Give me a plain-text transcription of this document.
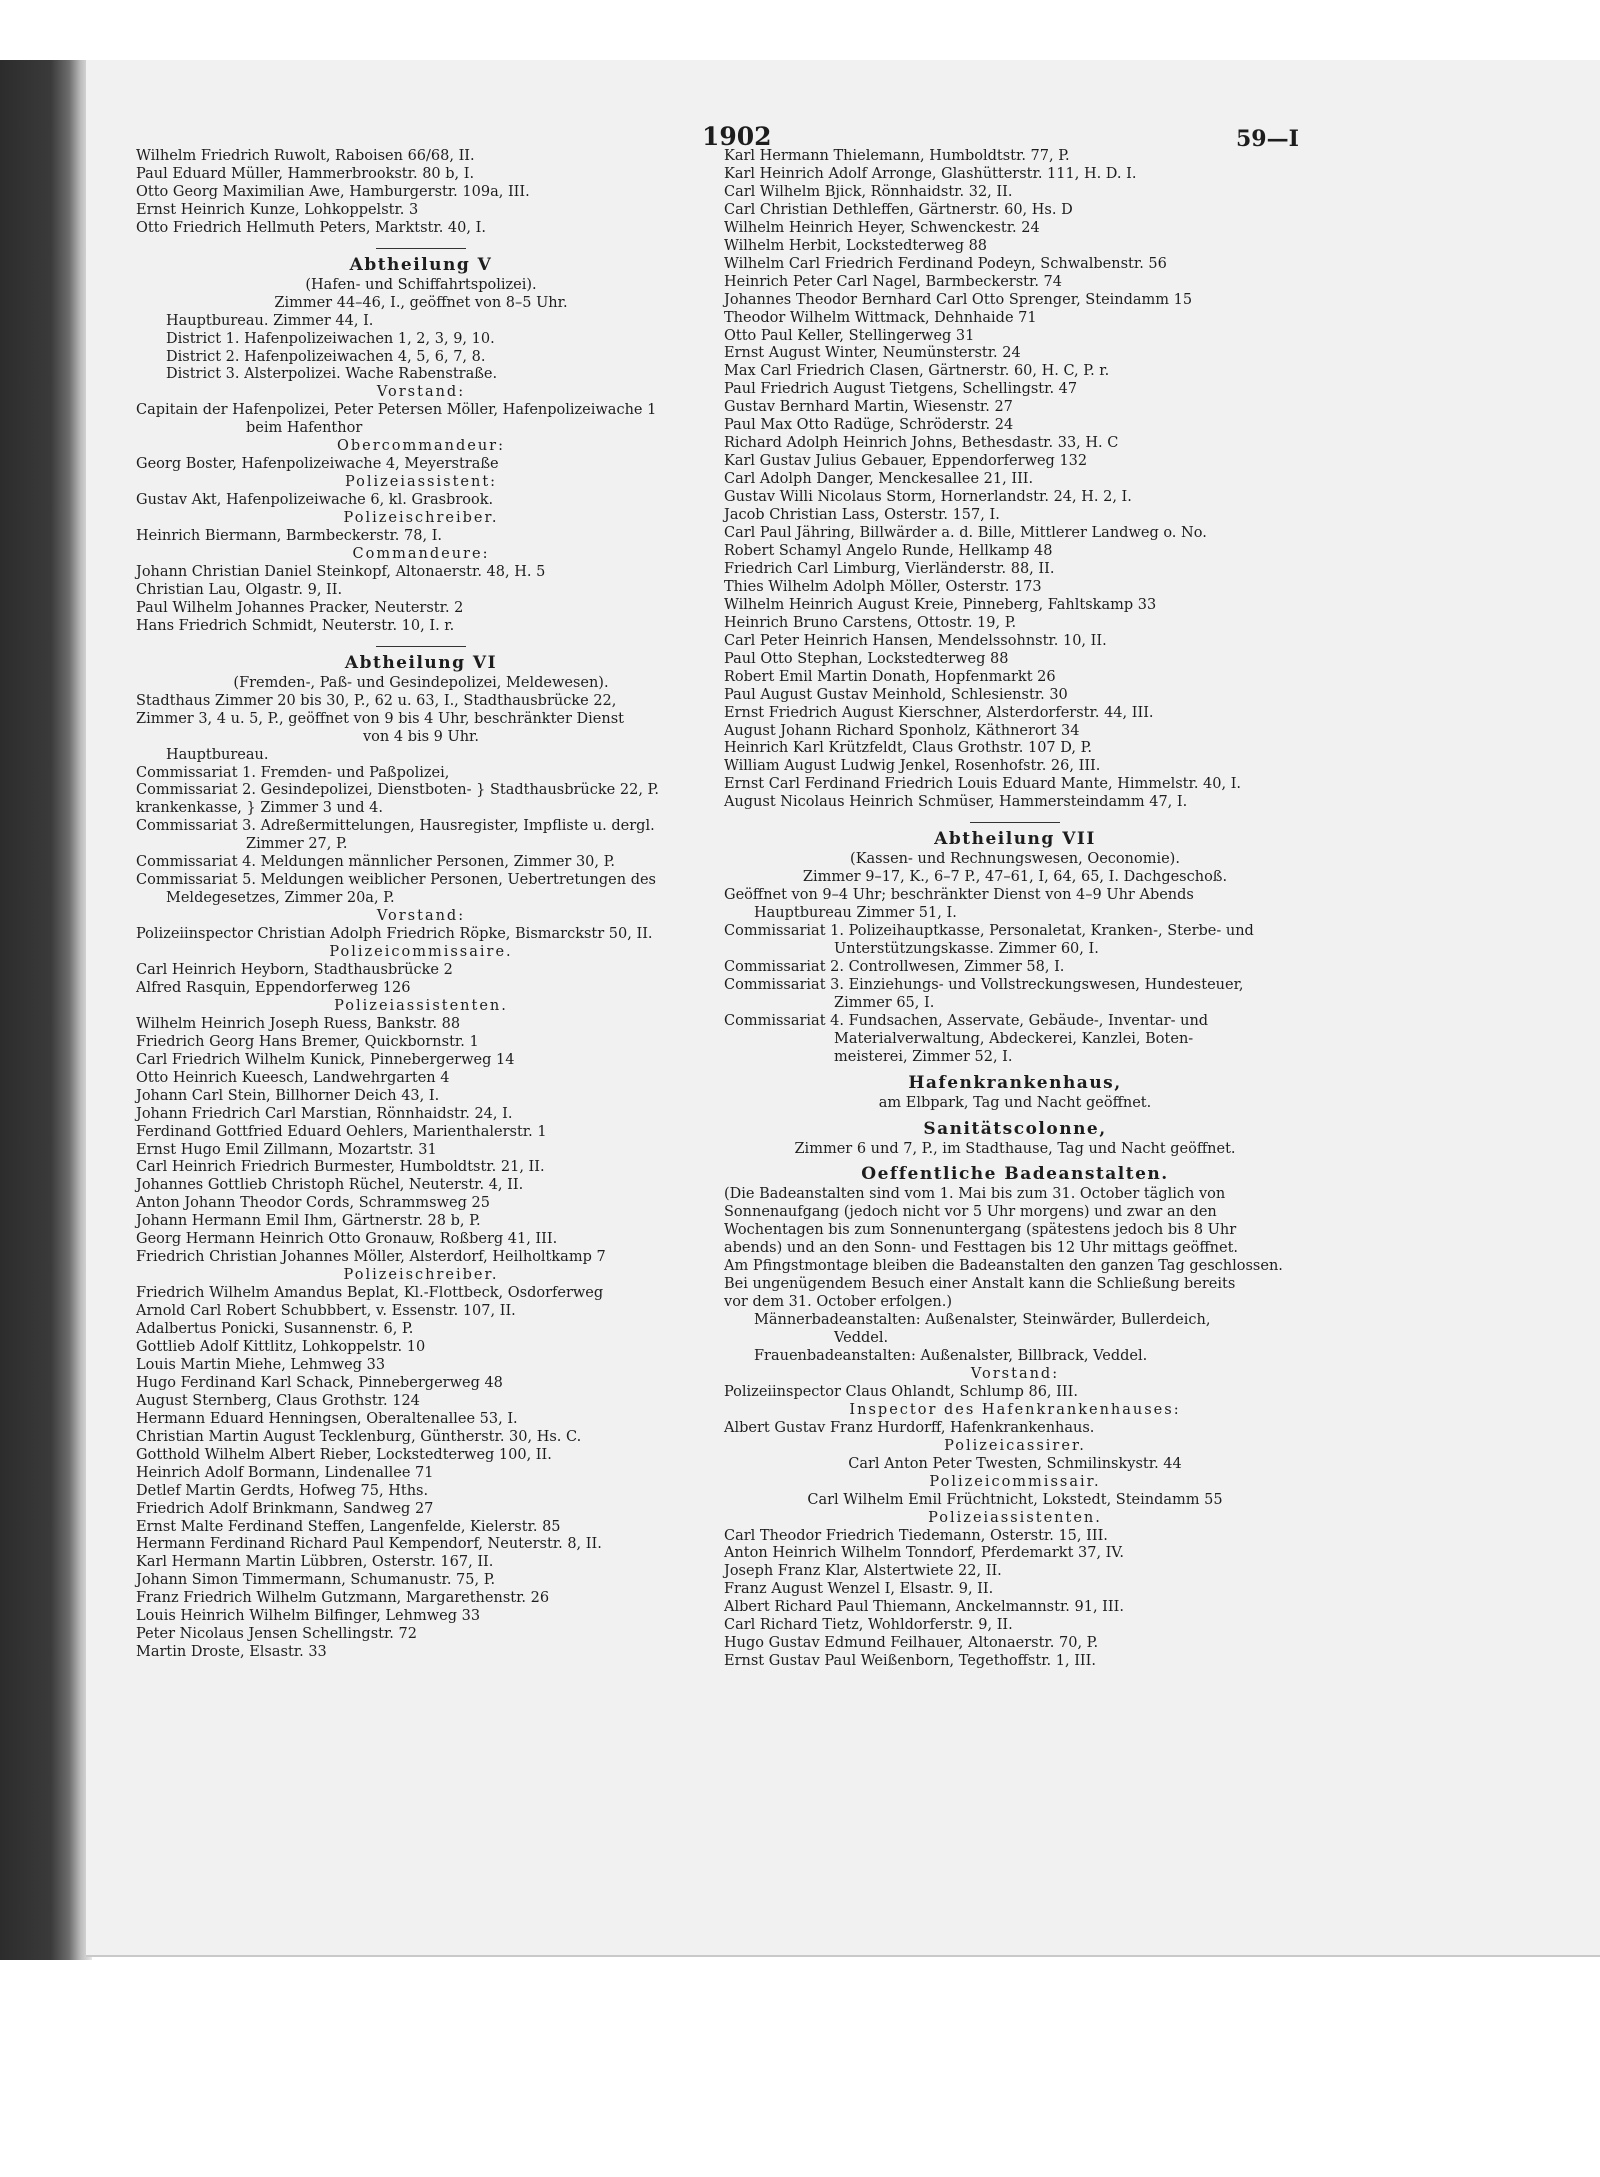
1902	59—I
Wilhelm Friedrich Ruwolt, Raboisen 66/68, II.
Paul Eduard Müller, Hammerbrookstr. 80 b, I.
Otto Georg Maximilian Awe, Hamburgerstr. 109a, III.
Ernst Heinrich Kunze, Lohkoppelstr. 3
Otto Friedrich Hellmuth Peters, Marktstr. 40, I.
Abtheilung V
(Hafen- und Schiffahrtspolizei).
Zimmer 44–46, I., geöffnet von 8–5 Uhr.
Hauptbureau. Zimmer 44, I.
District 1. Hafenpolizeiwachen 1, 2, 3, 9, 10.
District 2. Hafenpolizeiwachen 4, 5, 6, 7, 8.
District 3. Alsterpolizei. Wache Rabenstraße.
Vorstand:
Capitain der Hafenpolizei, Peter Petersen Möller, Hafenpolizeiwache 1
beim Hafenthor
Obercommandeur:
Georg Boster, Hafenpolizeiwache 4, Meyerstraße
Polizeiassistent:
Gustav Akt, Hafenpolizeiwache 6, kl. Grasbrook.
Polizeischreiber.
Heinrich Biermann, Barmbeckerstr. 78, I.
Commandeure:
Johann Christian Daniel Steinkopf, Altonaerstr. 48, H. 5
Christian Lau, Olgastr. 9, II.
Paul Wilhelm Johannes Pracker, Neuterstr. 2
Hans Friedrich Schmidt, Neuterstr. 10, I. r.
Abtheilung VI
(Fremden-, Paß- und Gesindepolizei, Meldewesen).
Stadthaus Zimmer 20 bis 30, P., 62 u. 63, I., Stadthausbrücke 22,
Zimmer 3, 4 u. 5, P., geöffnet von 9 bis 4 Uhr, beschränkter Dienst
von 4 bis 9 Uhr.
Hauptbureau.
Commissariat 1. Fremden- und Paßpolizei,
Commissariat 2. Gesindepolizei, Dienstboten- } Stadthausbrücke 22, P.
krankenkasse, } Zimmer 3 und 4.
Commissariat 3. Adreßermittelungen, Hausregister, Impfliste u. dergl.
Zimmer 27, P.
Commissariat 4. Meldungen männlicher Personen, Zimmer 30, P.
Commissariat 5. Meldungen weiblicher Personen, Uebertretungen des
Meldegesetzes, Zimmer 20a, P.
Vorstand:
Polizeiinspector Christian Adolph Friedrich Röpke, Bismarckstr 50, II.
Polizeicommissaire.
Carl Heinrich Heyborn, Stadthausbrücke 2
Alfred Rasquin, Eppendorferweg 126
Polizeiassistenten.
Wilhelm Heinrich Joseph Ruess, Bankstr. 88
Friedrich Georg Hans Bremer, Quickbornstr. 1
Carl Friedrich Wilhelm Kunick, Pinnebergerweg 14
Otto Heinrich Kueesch, Landwehrgarten 4
Johann Carl Stein, Billhorner Deich 43, I.
Johann Friedrich Carl Marstian, Rönnhaidstr. 24, I.
Ferdinand Gottfried Eduard Oehlers, Marienthalerstr. 1
Ernst Hugo Emil Zillmann, Mozartstr. 31
Carl Heinrich Friedrich Burmester, Humboldtstr. 21, II.
Johannes Gottlieb Christoph Rüchel, Neuterstr. 4, II.
Anton Johann Theodor Cords, Schrammsweg 25
Johann Hermann Emil Ihm, Gärtnerstr. 28 b, P.
Georg Hermann Heinrich Otto Gronauw, Roßberg 41, III.
Friedrich Christian Johannes Möller, Alsterdorf, Heilholtkamp 7
Polizeischreiber.
Friedrich Wilhelm Amandus Beplat, Kl.-Flottbeck, Osdorferweg
Arnold Carl Robert Schubbbert, v. Essenstr. 107, II.
Adalbertus Ponicki, Susannenstr. 6, P.
Gottlieb Adolf Kittlitz, Lohkoppelstr. 10
Louis Martin Miehe, Lehmweg 33
Hugo Ferdinand Karl Schack, Pinnebergerweg 48
August Sternberg, Claus Grothstr. 124
Hermann Eduard Henningsen, Oberaltenallee 53, I.
Christian Martin August Tecklenburg, Güntherstr. 30, Hs. C.
Gotthold Wilhelm Albert Rieber, Lockstedterweg 100, II.
Heinrich Adolf Bormann, Lindenallee 71
Detlef Martin Gerdts, Hofweg 75, Hths.
Friedrich Adolf Brinkmann, Sandweg 27
Ernst Malte Ferdinand Steffen, Langenfelde, Kielerstr. 85
Hermann Ferdinand Richard Paul Kempendorf, Neuterstr. 8, II.
Karl Hermann Martin Lübbren, Osterstr. 167, II.
Johann Simon Timmermann, Schumanustr. 75, P.
Franz Friedrich Wilhelm Gutzmann, Margarethenstr. 26
Louis Heinrich Wilhelm Bilfinger, Lehmweg 33
Peter Nicolaus Jensen Schellingstr. 72
Martin Droste, Elsastr. 33
Karl Hermann Thielemann, Humboldtstr. 77, P.
Karl Heinrich Adolf Arronge, Glashütterstr. 111, H. D. I.
Carl Wilhelm Bjick, Rönnhaidstr. 32, II.
Carl Christian Dethleffen, Gärtnerstr. 60, Hs. D
Wilhelm Heinrich Heyer, Schwenckestr. 24
Wilhelm Herbit, Lockstedterweg 88
Wilhelm Carl Friedrich Ferdinand Podeyn, Schwalbenstr. 56
Heinrich Peter Carl Nagel, Barmbeckerstr. 74
Johannes Theodor Bernhard Carl Otto Sprenger, Steindamm 15
Theodor Wilhelm Wittmack, Dehnhaide 71
Otto Paul Keller, Stellingerweg 31
Ernst August Winter, Neumünsterstr. 24
Max Carl Friedrich Clasen, Gärtnerstr. 60, H. C, P. r.
Paul Friedrich August Tietgens, Schellingstr. 47
Gustav Bernhard Martin, Wiesenstr. 27
Paul Max Otto Radüge, Schröderstr. 24
Richard Adolph Heinrich Johns, Bethesdastr. 33, H. C
Karl Gustav Julius Gebauer, Eppendorferweg 132
Carl Adolph Danger, Menckesallee 21, III.
Gustav Willi Nicolaus Storm, Hornerlandstr. 24, H. 2, I.
Jacob Christian Lass, Osterstr. 157, I.
Carl Paul Jähring, Billwärder a. d. Bille, Mittlerer Landweg o. No.
Robert Schamyl Angelo Runde, Hellkamp 48
Friedrich Carl Limburg, Vierländerstr. 88, II.
Thies Wilhelm Adolph Möller, Osterstr. 173
Wilhelm Heinrich August Kreie, Pinneberg, Fahltskamp 33
Heinrich Bruno Carstens, Ottostr. 19, P.
Carl Peter Heinrich Hansen, Mendelssohnstr. 10, II.
Paul Otto Stephan, Lockstedterweg 88
Robert Emil Martin Donath, Hopfenmarkt 26
Paul August Gustav Meinhold, Schlesienstr. 30
Ernst Friedrich August Kierschner, Alsterdorferstr. 44, III.
August Johann Richard Sponholz, Käthnerort 34
Heinrich Karl Krützfeldt, Claus Grothstr. 107 D, P.
William August Ludwig Jenkel, Rosenhofstr. 26, III.
Ernst Carl Ferdinand Friedrich Louis Eduard Mante, Himmelstr. 40, I.
August Nicolaus Heinrich Schmüser, Hammersteindamm 47, I.
Abtheilung VII
(Kassen- und Rechnungswesen, Oeconomie).
Zimmer 9–17, K., 6–7 P., 47–61, I, 64, 65, I. Dachgeschoß.
Geöffnet von 9–4 Uhr; beschränkter Dienst von 4–9 Uhr Abends
Hauptbureau Zimmer 51, I.
Commissariat 1. Polizeihauptkasse, Personaletat, Kranken-, Sterbe- und
Unterstützungskasse. Zimmer 60, I.
Commissariat 2. Controllwesen, Zimmer 58, I.
Commissariat 3. Einziehungs- und Vollstreckungswesen, Hundesteuer,
Zimmer 65, I.
Commissariat 4. Fundsachen, Asservate, Gebäude-, Inventar- und
Materialverwaltung, Abdeckerei, Kanzlei, Boten-
meisterei, Zimmer 52, I.
Hafenkrankenhaus,
am Elbpark, Tag und Nacht geöffnet.
Sanitätscolonne,
Zimmer 6 und 7, P., im Stadthause, Tag und Nacht geöffnet.
Oeffentliche Badeanstalten.
(Die Badeanstalten sind vom 1. Mai bis zum 31. October täglich von
Sonnenaufgang (jedoch nicht vor 5 Uhr morgens) und zwar an den
Wochentagen bis zum Sonnenuntergang (spätestens jedoch bis 8 Uhr
abends) und an den Sonn- und Festtagen bis 12 Uhr mittags geöffnet.
Am Pfingstmontage bleiben die Badeanstalten den ganzen Tag geschlossen.
Bei ungenügendem Besuch einer Anstalt kann die Schließung bereits
vor dem 31. October erfolgen.)
Männerbadeanstalten: Außenalster, Steinwärder, Bullerdeich,
Veddel.
Frauenbadeanstalten: Außenalster, Billbrack, Veddel.
Vorstand:
Polizeiinspector Claus Ohlandt, Schlump 86, III.
Inspector des Hafenkrankenhauses:
Albert Gustav Franz Hurdorff, Hafenkrankenhaus.
Polizeicassirer.
Carl Anton Peter Twesten, Schmilinskystr. 44
Polizeicommissair.
Carl Wilhelm Emil Früchtnicht, Lokstedt, Steindamm 55
Polizeiassistenten.
Carl Theodor Friedrich Tiedemann, Osterstr. 15, III.
Anton Heinrich Wilhelm Tonndorf, Pferdemarkt 37, IV.
Joseph Franz Klar, Alstertwiete 22, II.
Franz August Wenzel I, Elsastr. 9, II.
Albert Richard Paul Thiemann, Anckelmannstr. 91, III.
Carl Richard Tietz, Wohldorferstr. 9, II.
Hugo Gustav Edmund Feilhauer, Altonaerstr. 70, P.
Ernst Gustav Paul Weißenborn, Tegethoffstr. 1, III.
